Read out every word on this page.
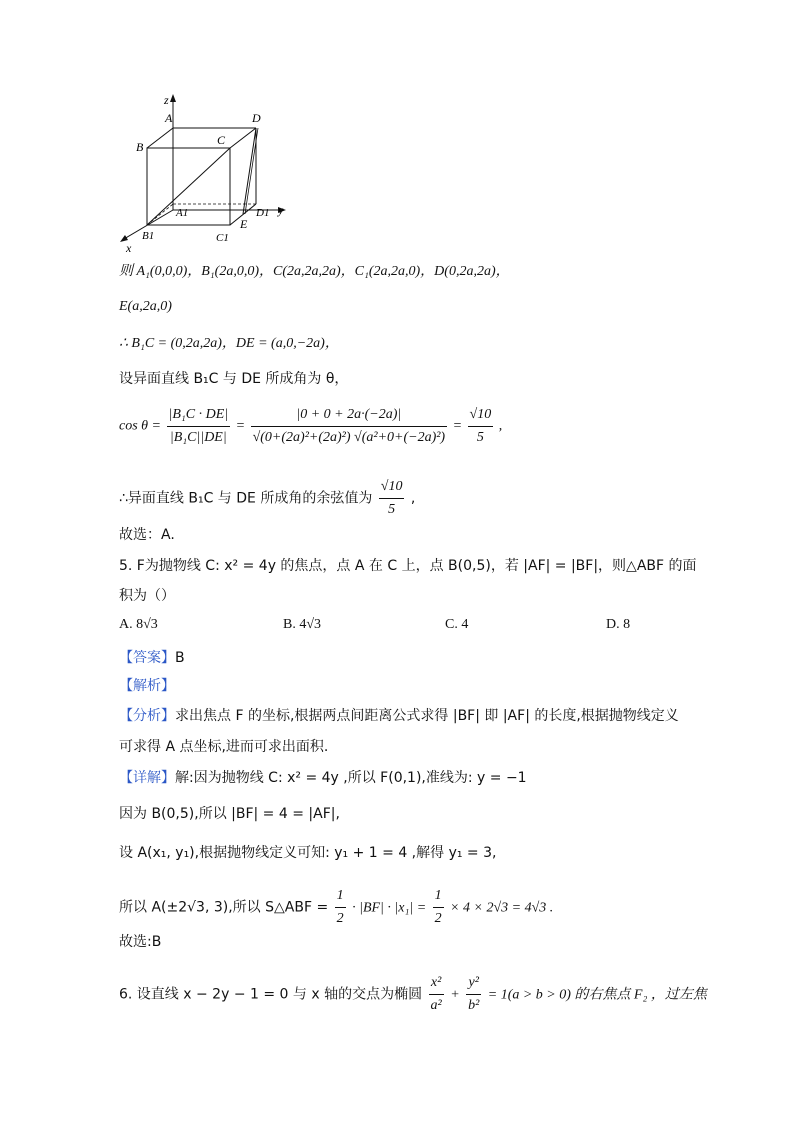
z
A	D
B	C
A1	D1 y
E
B1	C1
x
则 A₁(0,0,0)，B₁(2a,0,0)，C(2a,2a,2a)，C₁(2a,2a,0)，D(0,2a,2a)，
E(a,2a,0)
∴ B₁C = (0,2a,2a)，DE = (a,0,−2a)，
设异面直线 B₁C 与 DE 所成角为 θ，
$\cos \theta = \frac{\text{|B₁C · DE|}}{\text{|B₁C||DE|}} = \frac{|0 + 0 + 2a\cdot(-2a)|}{\text{√(0+(2a)²+(2a)²) √(a²+0+(−2a)²)}} = \frac{√10}{5}$ ,
∴异面直线 B₁C 与 DE 所成角的余弦值为 $\frac{√10}{5}$ ,
故选：A.
5. F为抛物线 C: x² = 4y 的焦点，点 A 在 C 上，点 B(0,5)，若 |AF| = |BF|，则△ABF 的面
积为（）
A. 8√3	B. 4√3	C. 4	D. 8
【答案】B
【解析】
【分析】求出焦点 F 的坐标,根据两点间距离公式求得 |BF| 即 |AF| 的长度,根据抛物线定义
可求得 A 点坐标,进而可求出面积.
【详解】解:因为抛物线 C: x² = 4y ,所以 F(0,1),准线为: y = −1
因为 B(0,5),所以 |BF| = 4 = |AF|,
设 A(x₁, y₁),根据抛物线定义可知: y₁ + 1 = 4 ,解得 y₁ = 3,
所以 A(±2√3, 3),所以 S△ABF = $\frac{1}{2} \cdot |BF| \cdot |x_1| = \frac{1}{2} \times 4 \times 2√3 = 4√3$ .
故选:B
6. 设直线 x − 2y − 1 = 0 与 x 轴的交点为椭圆 $\frac{\text{x²}}{\text{a²}} + \frac{\text{y²}}{\text{b²}} = 1(a > b > 0)$ 的右焦点 F₂ ，过左焦
